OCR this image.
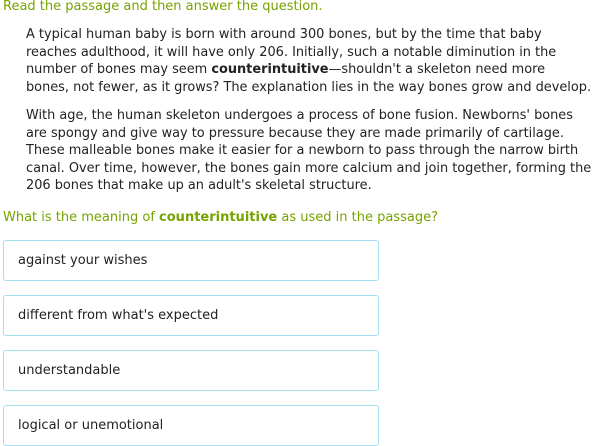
Read the passage and then answer the question.

A typical human baby is born with around 300 bones, but by the time that baby reaches adulthood, it will have only 206. Initially, such a notable diminution in the number of bones may seem counterintuitive—shouldn't a skeleton need more bones, not fewer, as it grows? The explanation lies in the way bones grow and develop.

With age, the human skeleton undergoes a process of bone fusion. Newborns' bones are spongy and give way to pressure because they are made primarily of cartilage. These malleable bones make it easier for a newborn to pass through the narrow birth canal. Over time, however, the bones gain more calcium and join together, forming the 206 bones that make up an adult's skeletal structure.

What is the meaning of counterintuitive as used in the passage?
against your wishes
different from what's expected
understandable
logical or unemotional
